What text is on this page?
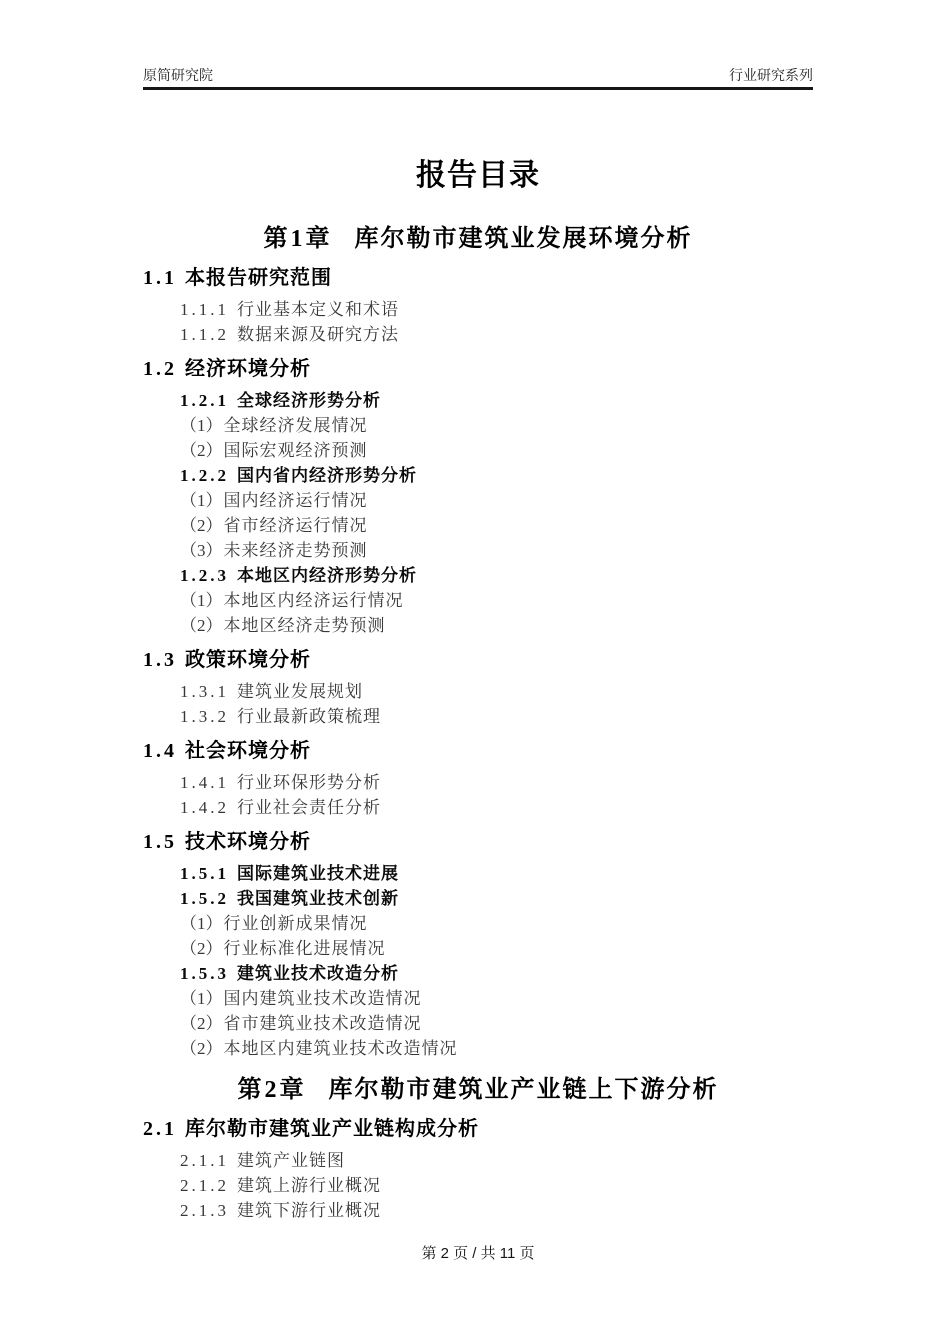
原简研究院	行业研究系列
报告目录
第1章 库尔勒市建筑业发展环境分析
1.1 本报告研究范围
1.1.1 行业基本定义和术语
1.1.2 数据来源及研究方法
1.2 经济环境分析
1.2.1 全球经济形势分析
（1）全球经济发展情况
（2）国际宏观经济预测
1.2.2 国内省内经济形势分析
（1）国内经济运行情况
（2）省市经济运行情况
（3）未来经济走势预测
1.2.3 本地区内经济形势分析
（1）本地区内经济运行情况
（2）本地区经济走势预测
1.3 政策环境分析
1.3.1 建筑业发展规划
1.3.2 行业最新政策梳理
1.4 社会环境分析
1.4.1 行业环保形势分析
1.4.2 行业社会责任分析
1.5 技术环境分析
1.5.1 国际建筑业技术进展
1.5.2 我国建筑业技术创新
（1）行业创新成果情况
（2）行业标准化进展情况
1.5.3 建筑业技术改造分析
（1）国内建筑业技术改造情况
（2）省市建筑业技术改造情况
（2）本地区内建筑业技术改造情况
第2章 库尔勒市建筑业产业链上下游分析
2.1 库尔勒市建筑业产业链构成分析
2.1.1 建筑产业链图
2.1.2 建筑上游行业概况
2.1.3 建筑下游行业概况
第 2 页 / 共 11 页
